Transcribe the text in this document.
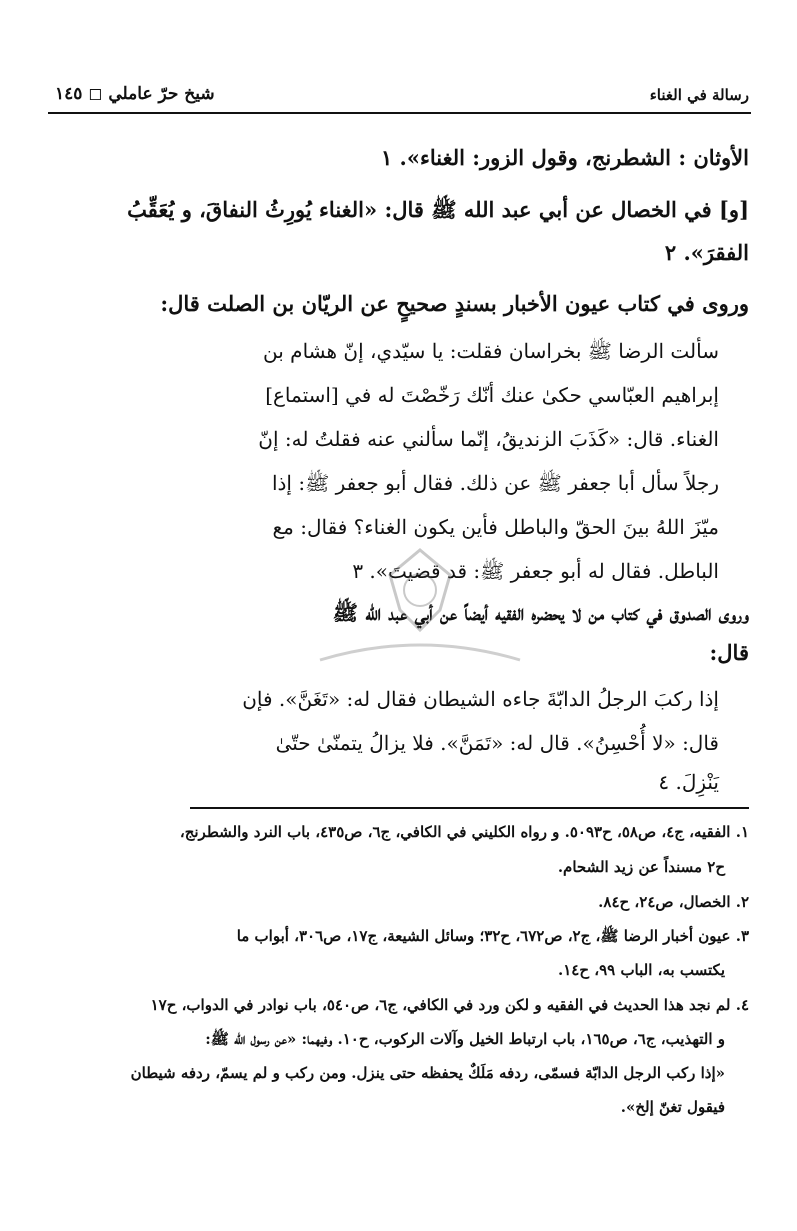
شيخ حرّ عاملي ◻ ١٤٥	رسالة في الغناء
الأوثان : الشطرنج، وقول الزور: الغناء». ١
[و] في الخصال عن أبي عبد الله ﷺ قال: «الغناء يُورِثُ النفاقَ، و يُعَقِّبُ
الفقرَ». ٢
وروى في كتاب عيون الأخبار بسندٍ صحيحٍ عن الريّان بن الصلت قال:
سألت الرضا ﷺ بخراسان فقلت: يا سيّدي، إنّ هشام بن
إبراهيم العبّاسي حكىٰ عنك أنّك رَخّصْتَ له في [استماع]
الغناء. قال: «كَذَبَ الزنديقُ، إنّما سألني عنه فقلتُ له: إنّ
رجلاً سأل أبا جعفر ﷺ عن ذلك. فقال أبو جعفر ﷺ: إذا
ميّزَ اللهُ بينَ الحقّ والباطل فأين يكون الغناء؟ فقال: مع
الباطل. فقال له أبو جعفر ﷺ: قد قضيتَ». ٣
وروى الصدوق في كتاب من لا يحضره الفقيه أيضاً عن أبي عبد الله ﷺ
قال:
إذا ركبَ الرجلُ الدابّةَ جاءه الشيطان فقال له: «تَغَنَّ». فإن
قال: «لا أُحْسِنُ». قال له: «تَمَنَّ». فلا يزالُ يتمنّىٰ حتّىٰ
يَنْزِلَ. ٤
١. الفقيه، ج٤، ص٥٨، ح٥٠٩٣. و رواه الكليني في الكافي، ج٦، ص٤٣٥، باب النرد والشطرنج،
ح٢ مسنداً عن زيد الشحام.
٢. الخصال، ص٢٤، ح٨٤.
٣. عيون أخبار الرضا ﷺ، ج٢، ص٦٧٢، ح٣٢؛ وسائل الشيعة، ج١٧، ص٣٠٦، أبواب ما
يكتسب به، الباب ٩٩، ح١٤.
٤. لم نجد هذا الحديث في الفقيه و لكن ورد في الكافي، ج٦، ص٥٤٠، باب نوادر في الدواب، ح١٧
و التهذيب، ج٦، ص١٦٥، باب ارتباط الخيل وآلات الركوب، ح١٠. وفيهما: «عن رسول الله ﷺ:
«إذا ركب الرجل الدابّة فسمّى، ردفه مَلَكٌ يحفظه حتى ينزل. ومن ركب و لم يسمّ، ردفه شيطان
فيقول تغنّ إلخ».
